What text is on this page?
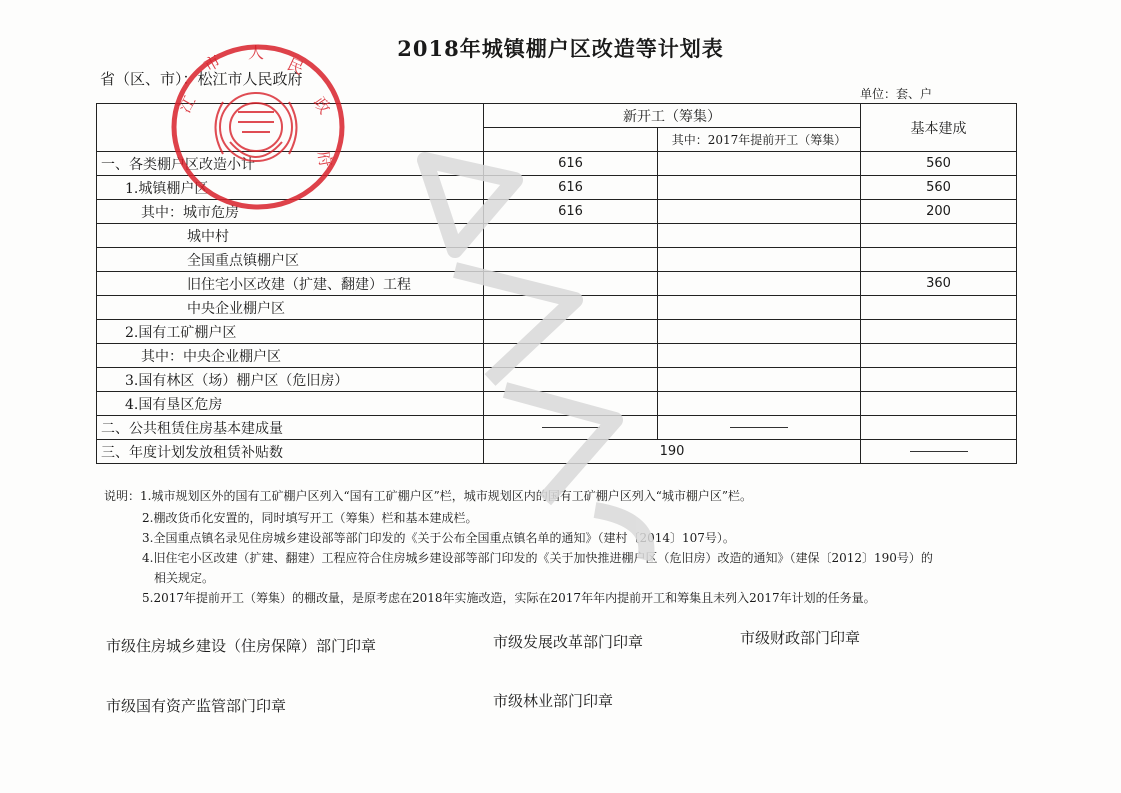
2018年城镇棚户区改造等计划表
省（区、市）：松江市人民政府
单位：套、户
	新开工（筹集）		基本建成
		其中：2017年提前开工（筹集）	
一、各类棚户区改造小计	616		560
1.城镇棚户区	616		560
其中：城市危房	616		200
城中村			
全国重点镇棚户区			
旧住宅小区改建（扩建、翻建）工程			360
中央企业棚户区			
2.国有工矿棚户区			
其中：中央企业棚户区			
3.国有林区（场）棚户区（危旧房）			
4.国有垦区危房			
二、公共租赁住房基本建成量			
三、年度计划发放租赁补贴数	190		
说明：1.城市规划区外的国有工矿棚户区列入“国有工矿棚户区”栏，城市规划区内的国有工矿棚户区列入“城市棚户区”栏。
2.棚改货币化安置的，同时填写开工（筹集）栏和基本建成栏。
3.全国重点镇名录见住房城乡建设部等部门印发的《关于公布全国重点镇名单的通知》（建村〔2014〕107号）。
4.旧住宅小区改建（扩建、翻建）工程应符合住房城乡建设部等部门印发的《关于加快推进棚户区（危旧房）改造的通知》（建保〔2012〕190号）的
相关规定。
5.2017年提前开工（筹集）的棚改量，是原考虑在2018年实施改造，实际在2017年年内提前开工和筹集且未列入2017年计划的任务量。
市级住房城乡建设（住房保障）部门印章	市级发展改革部门印章	市级财政部门印章
市级国有资产监管部门印章	市级林业部门印章
江
市 人
民
政
府
